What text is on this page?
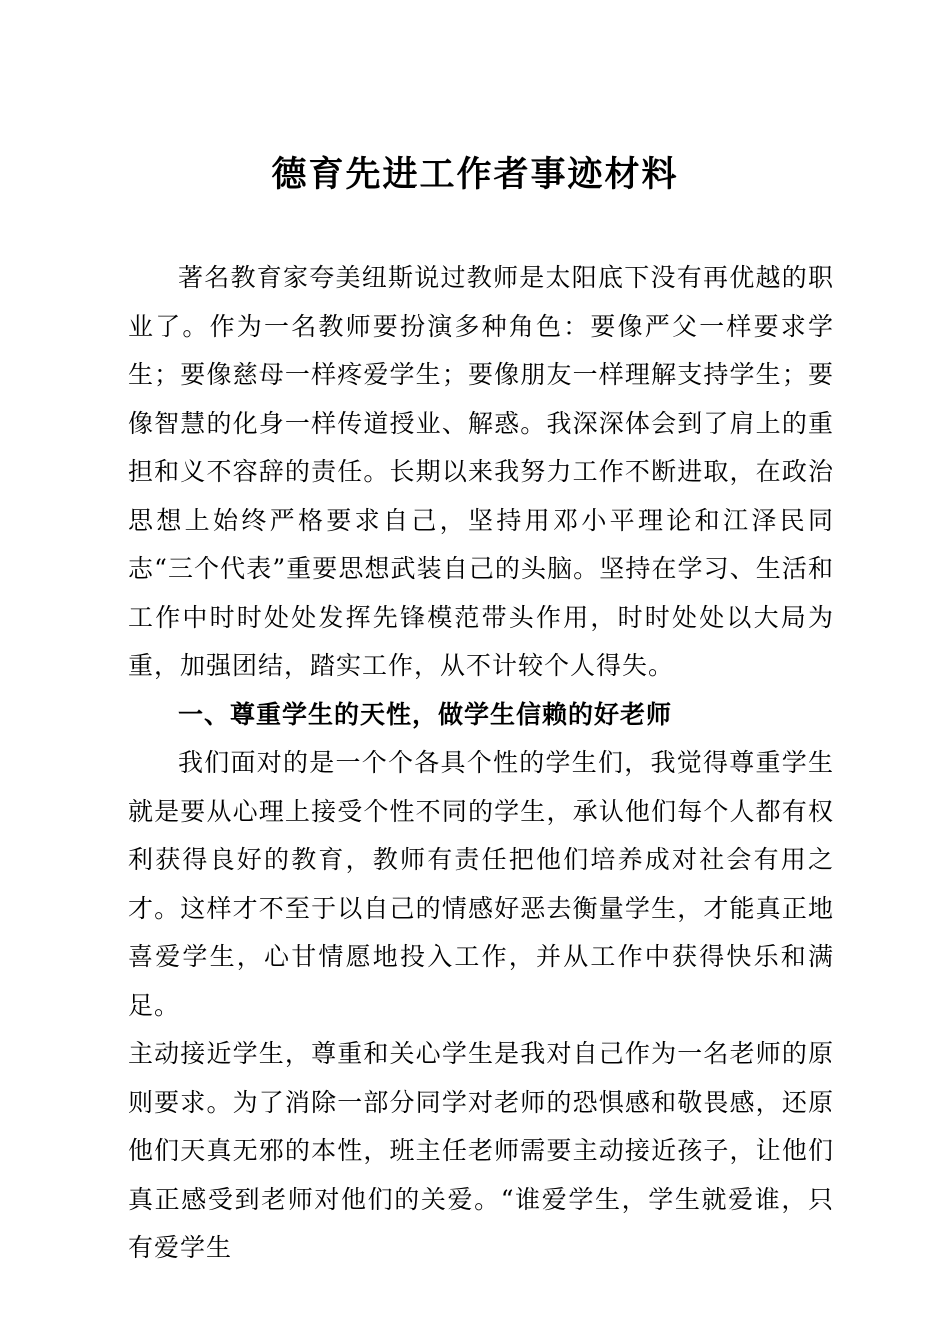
德育先进工作者事迹材料

著名教育家夸美纽斯说过教师是太阳底下没有再优越的职业了。作为一名教师要扮演多种角色：要像严父一样要求学生；要像慈母一样疼爱学生；要像朋友一样理解支持学生；要像智慧的化身一样传道授业、解惑。我深深体会到了肩上的重担和义不容辞的责任。长期以来我努力工作不断进取，在政治思想上始终严格要求自己，坚持用邓小平理论和江泽民同志“三个代表”重要思想武装自己的头脑。坚持在学习、生活和工作中时时处处发挥先锋模范带头作用，时时处处以大局为重，加强团结，踏实工作，从不计较个人得失。

一、尊重学生的天性，做学生信赖的好老师

我们面对的是一个个各具个性的学生们，我觉得尊重学生就是要从心理上接受个性不同的学生，承认他们每个人都有权利获得良好的教育，教师有责任把他们培养成对社会有用之才。这样才不至于以自己的情感好恶去衡量学生，才能真正地喜爱学生，心甘情愿地投入工作，并从工作中获得快乐和满足。

主动接近学生，尊重和关心学生是我对自己作为一名老师的原则要求。为了消除一部分同学对老师的恐惧感和敬畏感，还原他们天真无邪的本性，班主任老师需要主动接近孩子，让他们真正感受到老师对他们的关爱。“谁爱学生，学生就爱谁，只有爱学生
